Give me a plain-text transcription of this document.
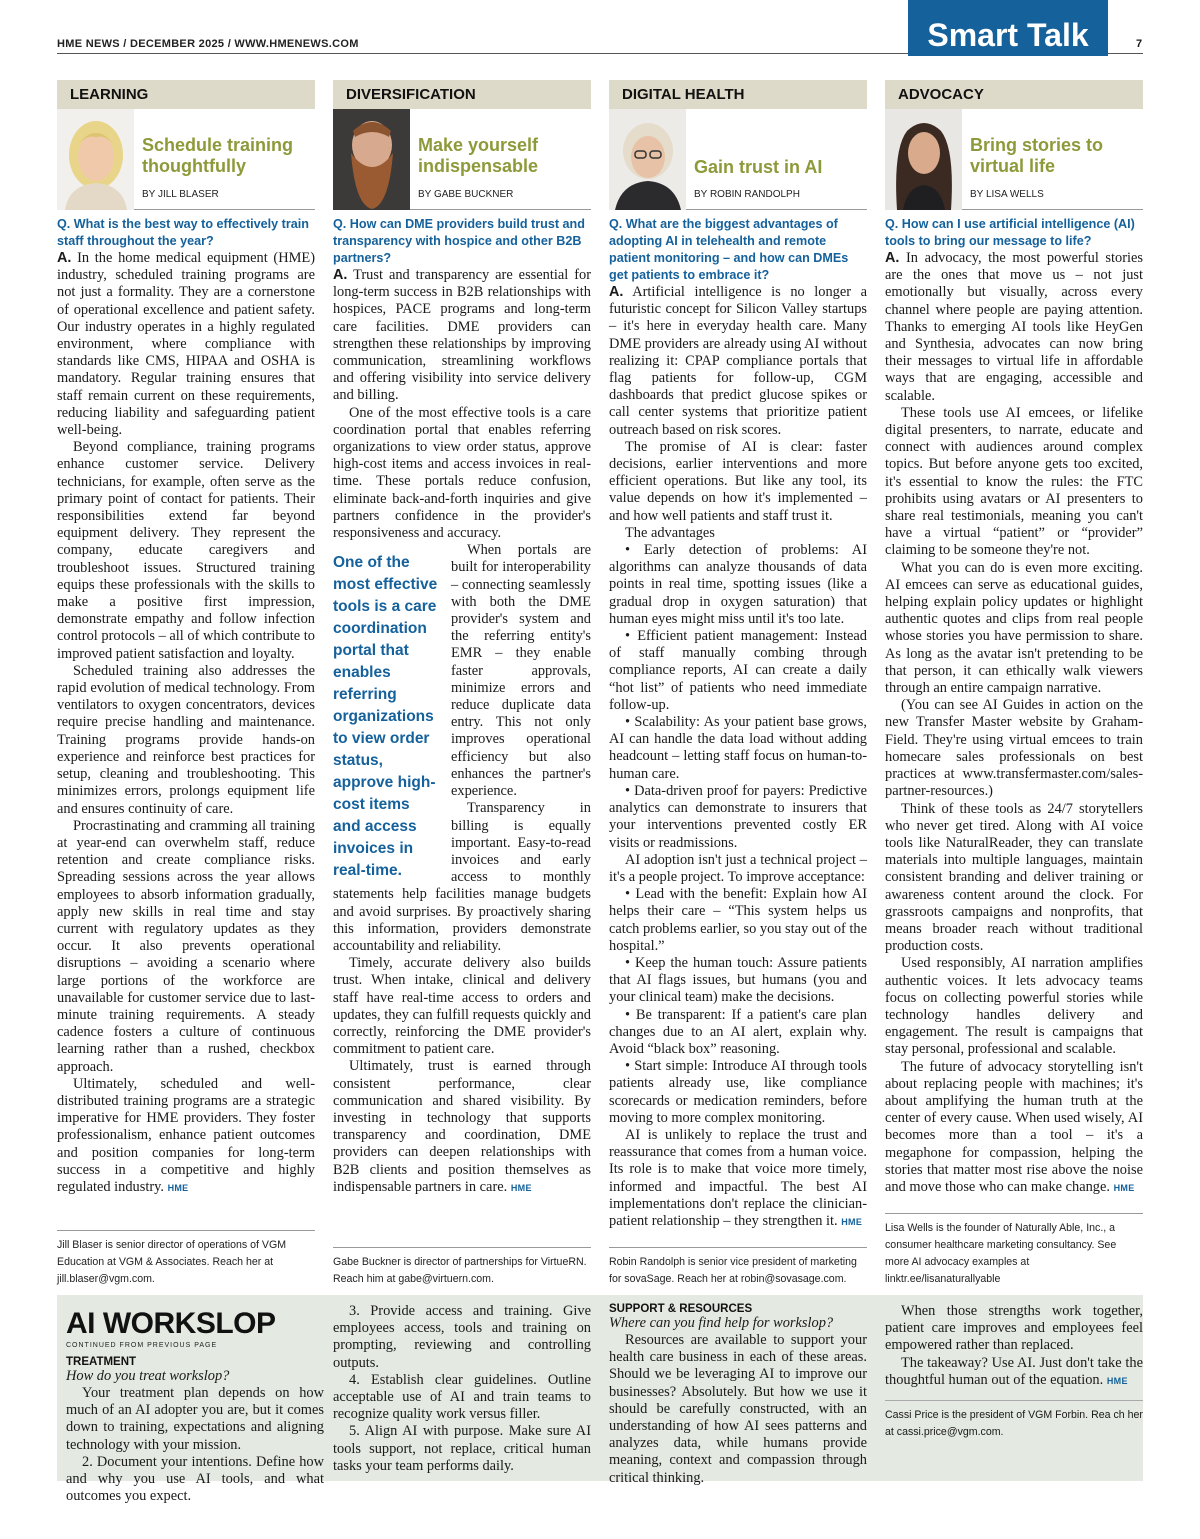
HME NEWS / DECEMBER 2025 / WWW.HMENEWS.COM	Smart Talk	7
LEARNING
Schedule training thoughtfully
BY JILL BLASER
Q. What is the best way to effectively train staff throughout the year?

A. In the home medical equipment (HME) industry, scheduled training programs are not just a formality. They are a cornerstone of operational excellence and patient safety. Our industry operates in a highly regulated environment, where compliance with standards like CMS, HIPAA and OSHA is mandatory. Regular training ensures that staff remain current on these requirements, reducing liability and safeguarding patient well-being.

Beyond compliance, training programs enhance customer service. Delivery technicians, for example, often serve as the primary point of contact for patients. Their responsibilities extend far beyond equipment delivery. They represent the company, educate caregivers and troubleshoot issues. Structured training equips these professionals with the skills to make a positive first impression, demonstrate empathy and follow infection control protocols – all of which contribute to improved patient satisfaction and loyalty.

Scheduled training also addresses the rapid evolution of medical technology. From ventilators to oxygen concentrators, devices require precise handling and maintenance. Training programs provide hands-on experience and reinforce best practices for setup, cleaning and troubleshooting. This minimizes errors, prolongs equipment life and ensures continuity of care.

Procrastinating and cramming all training at year-end can overwhelm staff, reduce retention and create compliance risks. Spreading sessions across the year allows employees to absorb information gradually, apply new skills in real time and stay current with regulatory updates as they occur. It also prevents operational disruptions – avoiding a scenario where large portions of the workforce are unavailable for customer service due to last-minute training requirements. A steady cadence fosters a culture of continuous learning rather than a rushed, checkbox approach.

Ultimately, scheduled and well-distributed training programs are a strategic imperative for HME providers. They foster professionalism, enhance patient outcomes and position companies for long-term success in a competitive and highly regulated industry. HME

Jill Blaser is senior director of operations of VGM Education at VGM & Associates. Reach her at jill.blaser@vgm.com.
DIVERSIFICATION
Make yourself indispensable
BY GABE BUCKNER
Q. How can DME providers build trust and transparency with hospice and other B2B partners?

A. Trust and transparency are essential for long-term success in B2B relationships with hospices, PACE programs and long-term care facilities. DME providers can strengthen these relationships by improving communication, streamlining workflows and offering visibility into service delivery and billing.

One of the most effective tools is a care coordination portal that enables referring organizations to view order status, approve high-cost items and access invoices in real-time. These portals reduce confusion, eliminate back-and-forth inquiries and give partners confidence in the provider's responsiveness and accuracy.

One of the most effective tools is a care coordination portal that enables referring organizations to view order status, approve high-cost items and access invoices in real-time.

When portals are built for interoperability – connecting seamlessly with both the DME provider's system and the referring entity's EMR – they enable faster approvals, minimize errors and reduce duplicate data entry. This not only improves operational efficiency but also enhances the partner's experience.

Transparency in billing is equally important. Easy-to-read invoices and early access to monthly statements help facilities manage budgets and avoid surprises. By proactively sharing this information, providers demonstrate accountability and reliability.

Timely, accurate delivery also builds trust. When intake, clinical and delivery staff have real-time access to orders and updates, they can fulfill requests quickly and correctly, reinforcing the DME provider's commitment to patient care.

Ultimately, trust is earned through consistent performance, clear communication and shared visibility. By investing in technology that supports transparency and coordination, DME providers can deepen relationships with B2B clients and position themselves as indispensable partners in care. HME

Gabe Buckner is director of partnerships for VirtueRN. Reach him at gabe@virtuern.com.
DIGITAL HEALTH
Gain trust in AI
BY ROBIN RANDOLPH
Q. What are the biggest advantages of adopting AI in telehealth and remote patient monitoring – and how can DMEs get patients to embrace it?

A. Artificial intelligence is no longer a futuristic concept for Silicon Valley startups – it's here in everyday health care. Many DME providers are already using AI without realizing it: CPAP compliance portals that flag patients for follow-up, CGM dashboards that predict glucose spikes or call center systems that prioritize patient outreach based on risk scores.

The promise of AI is clear: faster decisions, earlier interventions and more efficient operations. But like any tool, its value depends on how it's implemented – and how well patients and staff trust it.

The advantages

• Early detection of problems: AI algorithms can analyze thousands of data points in real time, spotting issues (like a gradual drop in oxygen saturation) that human eyes might miss until it's too late.

• Efficient patient management: Instead of staff manually combing through compliance reports, AI can create a daily “hot list” of patients who need immediate follow-up.

• Scalability: As your patient base grows, AI can handle the data load without adding headcount – letting staff focus on human-to-human care.

• Data-driven proof for payers: Predictive analytics can demonstrate to insurers that your interventions prevented costly ER visits or readmissions.

AI adoption isn't just a technical project – it's a people project. To improve acceptance:

• Lead with the benefit: Explain how AI helps their care – “This system helps us catch problems earlier, so you stay out of the hospital.”

• Keep the human touch: Assure patients that AI flags issues, but humans (you and your clinical team) make the decisions.

• Be transparent: If a patient's care plan changes due to an AI alert, explain why. Avoid “black box” reasoning.

• Start simple: Introduce AI through tools patients already use, like compliance scorecards or medication reminders, before moving to more complex monitoring.

AI is unlikely to replace the trust and reassurance that comes from a human voice. Its role is to make that voice more timely, informed and impactful. The best AI implementations don't replace the clinician-patient relationship – they strengthen it. HME

Robin Randolph is senior vice president of marketing for sovaSage. Reach her at robin@sovasage.com.
ADVOCACY
Bring stories to virtual life
BY LISA WELLS
Q. How can I use artificial intelligence (AI) tools to bring our message to life?

A. In advocacy, the most powerful stories are the ones that move us – not just emotionally but visually, across every channel where people are paying attention. Thanks to emerging AI tools like HeyGen and Synthesia, advocates can now bring their messages to virtual life in affordable ways that are engaging, accessible and scalable.

These tools use AI emcees, or lifelike digital presenters, to narrate, educate and connect with audiences around complex topics. But before anyone gets too excited, it's essential to know the rules: the FTC prohibits using avatars or AI presenters to share real testimonials, meaning you can't have a virtual “patient” or “provider” claiming to be someone they're not.

What you can do is even more exciting. AI emcees can serve as educational guides, helping explain policy updates or highlight authentic quotes and clips from real people whose stories you have permission to share. As long as the avatar isn't pretending to be that person, it can ethically walk viewers through an entire campaign narrative.

(You can see AI Guides in action on the new Transfer Master website by Graham-Field. They're using virtual emcees to train homecare sales professionals on best practices at www.transfermaster.com/sales-partner-resources.)

Think of these tools as 24/7 storytellers who never get tired. Along with AI voice tools like NaturalReader, they can translate materials into multiple languages, maintain consistent branding and deliver training or awareness content around the clock. For grassroots campaigns and nonprofits, that means broader reach without traditional production costs.

Used responsibly, AI narration amplifies authentic voices. It lets advocacy teams focus on collecting powerful stories while technology handles delivery and engagement. The result is campaigns that stay personal, professional and scalable.

The future of advocacy storytelling isn't about replacing people with machines; it's about amplifying the human truth at the center of every cause. When used wisely, AI becomes more than a tool – it's a megaphone for compassion, helping the stories that matter most rise above the noise and move those who can make change. HME

Lisa Wells is the founder of Naturally Able, Inc., a consumer healthcare marketing consultancy. See more AI advocacy examples at linktr.ee/lisanaturallyable
AI WORKSLOP
CONTINUED FROM PREVIOUS PAGE
TREATMENT
How do you treat workslop?

Your treatment plan depends on how much of an AI adopter you are, but it comes down to training, expectations and aligning technology with your mission.

2. Document your intentions. Define how and why you use AI tools, and what outcomes you expect.

3. Provide access and training. Give employees access, tools and training on prompting, reviewing and controlling outputs.

4. Establish clear guidelines. Outline acceptable use of AI and train teams to recognize quality work versus filler.

5. Align AI with purpose. Make sure AI tools support, not replace, critical human tasks your team performs daily.

SUPPORT & RESOURCES
Where can you find help for workslop?

Resources are available to support your health care business in each of these areas. Should we be leveraging AI to improve our businesses? Absolutely. But how we use it should be carefully constructed, with an understanding of how AI sees patterns and analyzes data, while humans provide meaning, context and compassion through critical thinking.

When those strengths work together, patient care improves and employees feel empowered rather than replaced.

The takeaway? Use AI. Just don't take the thoughtful human out of the equation. HME

Cassi Price is the president of VGM Forbin. Rea ch her at cassi.price@vgm.com.
